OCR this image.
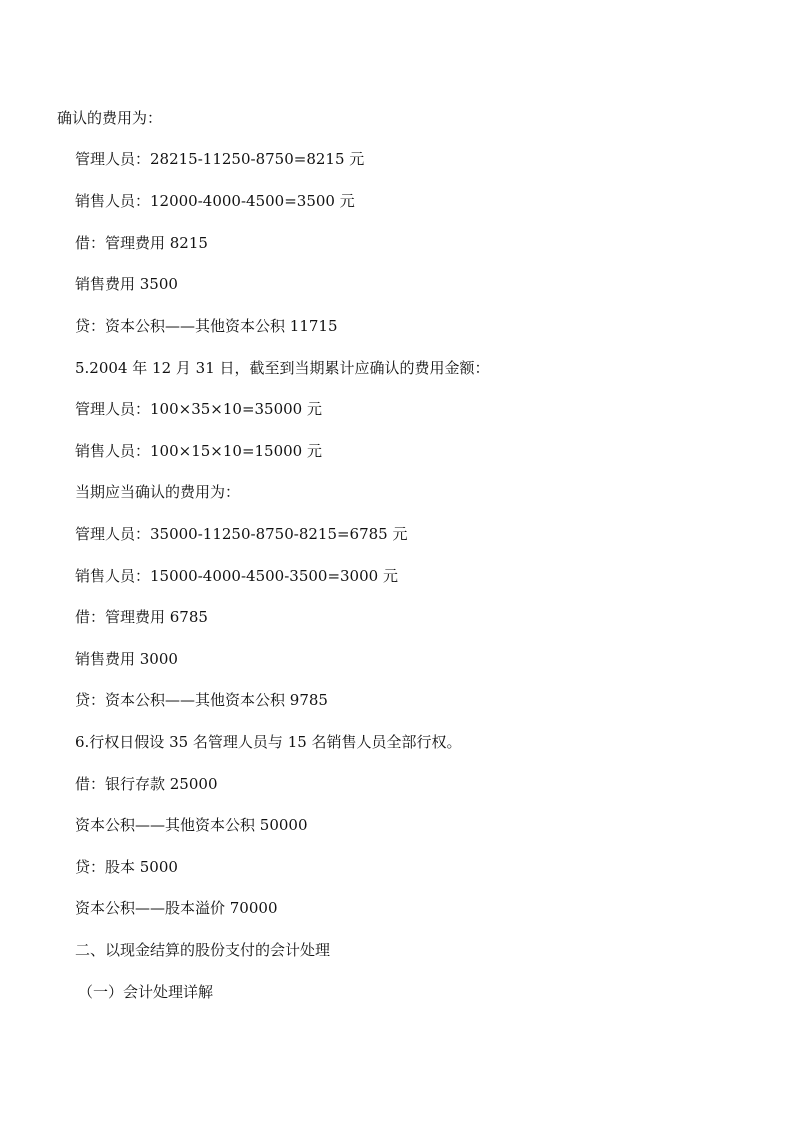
确认的费用为：
管理人员：28215-11250-8750=8215 元
销售人员：12000-4000-4500=3500 元
借：管理费用 8215
销售费用 3500
贷：资本公积——其他资本公积 11715
5.2004 年 12 月 31 日，截至到当期累计应确认的费用金额：
管理人员：100×35×10=35000 元
销售人员：100×15×10=15000 元
当期应当确认的费用为：
管理人员：35000-11250-8750-8215=6785 元
销售人员：15000-4000-4500-3500=3000 元
借：管理费用 6785
销售费用 3000
贷：资本公积——其他资本公积 9785
6.行权日假设 35 名管理人员与 15 名销售人员全部行权。
借：银行存款 25000
资本公积——其他资本公积 50000
贷：股本 5000
资本公积——股本溢价 70000
二、以现金结算的股份支付的会计处理
（一）会计处理详解
